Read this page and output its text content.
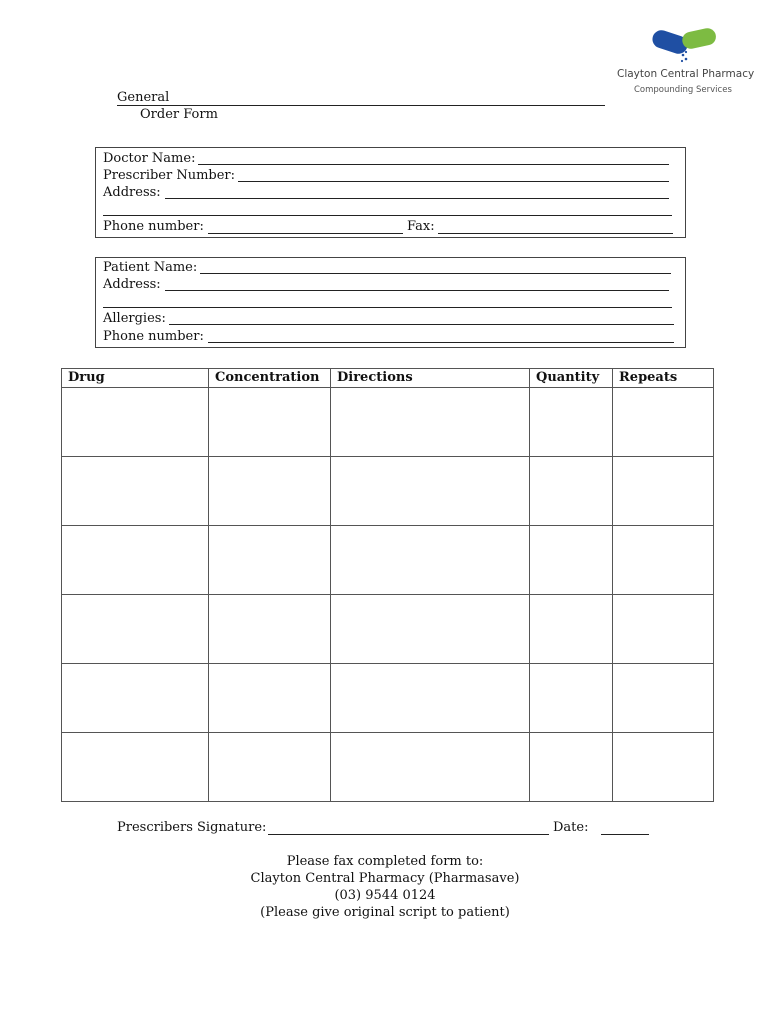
Clayton Central Pharmacy
Compounding Services
General
Order Form
Doctor Name:
Prescriber Number:
Address:
Phone number:	Fax:
Patient Name:
Address:
Allergies:
Phone number:
Drug	Concentration	Directions	Quantity	Repeats

Prescribers Signature:	Date:
Please fax completed form to:
Clayton Central Pharmacy (Pharmasave)
(03) 9544 0124
(Please give original script to patient)
